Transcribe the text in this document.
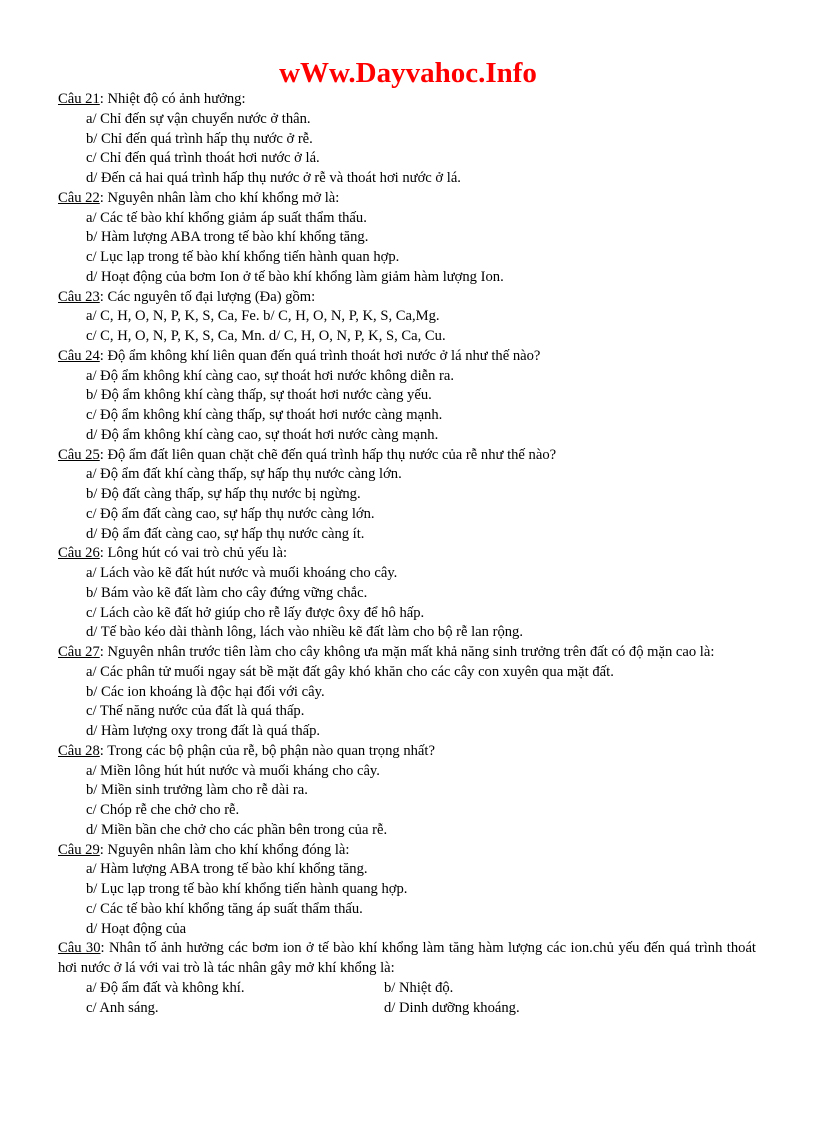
wWw.Dayvahoc.Info

Câu 21: Nhiệt độ có ảnh hưởng:

a/ Chỉ đến sự vận chuyển nước ở thân.

b/ Chỉ đến quá trình hấp thụ nước ở rễ.

c/ Chỉ đến quá trình thoát hơi nước ở lá.

d/ Đến cả hai quá trình hấp thụ nước ở rễ và thoát hơi nước ở lá.

Câu 22: Nguyên nhân làm cho khí khổng mở là:

a/ Các tế bào khí khổng giảm áp suất thẩm thấu.

b/ Hàm lượng ABA trong tế bào khí khổng tăng.

c/ Lục lạp trong tế bào khí khổng tiến hành quan hợp.

d/ Hoạt động của bơm Ion ở tế bào khí khổng làm giảm hàm lượng Ion.

Câu 23: Các nguyên tố đại lượng (Đa) gồm:

a/ C, H, O, N, P, K, S, Ca, Fe. b/ C, H, O, N, P, K, S, Ca,Mg.

c/ C, H, O, N, P, K, S, Ca, Mn. d/ C, H, O, N, P, K, S, Ca, Cu.

Câu 24: Độ ẩm không khí liên quan đến quá trình thoát hơi nước ở lá như thế nào?

a/ Độ ẩm không khí càng cao, sự thoát hơi nước không diễn ra.

b/ Độ ẩm không khí càng thấp, sự thoát hơi nước càng yếu.

c/ Độ ẩm không khí càng thấp, sự thoát hơi nước càng mạnh.

d/ Độ ẩm không khí càng cao, sự thoát hơi nước càng mạnh.

Câu 25: Độ ẩm đất liên quan chặt chẽ đến quá trình hấp thụ nước của rễ như thế nào?

a/ Độ ẩm đất khí càng thấp, sự hấp thụ nước càng lớn.

b/ Độ đất càng thấp, sự hấp thụ nước bị ngừng.

c/ Độ ẩm đất càng cao, sự hấp thụ nước càng lớn.

d/ Độ ẩm đất càng cao, sự hấp thụ nước càng ít.

Câu 26: Lông hút có vai trò chủ yếu là:

a/ Lách vào kẽ đất hút nước và muối khoáng cho cây.

b/ Bám vào kẽ đất làm cho cây đứng vững chắc.

c/ Lách cào kẽ đất hở giúp cho rễ lấy được ôxy để hô hấp.

d/ Tế bào kéo dài thành lông, lách vào nhiều kẽ đất làm cho bộ rễ lan rộng.

Câu 27: Nguyên nhân trước tiên làm cho cây không ưa mặn mất khả năng sinh trưởng trên đất có độ mặn cao là:

a/ Các phân tử muối ngay sát bề mặt đất gây khó khăn cho các cây con xuyên qua mặt đất.

b/ Các ion khoáng là độc hại đối với cây.

c/ Thế năng nước của đất là quá thấp.

d/ Hàm lượng oxy trong đất là quá thấp.

Câu 28: Trong các bộ phận của rễ, bộ phận nào quan trọng nhất?

a/ Miền lông hút hút nước và muối kháng cho cây.

b/ Miền sinh trưởng làm cho rễ dài ra.

c/ Chóp rễ che chở cho rễ.

d/ Miền bần che chở cho các phần bên trong của rễ.

Câu 29: Nguyên nhân làm cho khí khổng đóng là:

a/ Hàm lượng ABA trong tế bào khí khổng tăng.

b/ Lục lạp trong tế bào khí khổng tiến hành quang hợp.

c/ Các tế bào khí khổng tăng áp suất thẩm thấu.

d/ Hoạt động của

Câu 30: Nhân tố ảnh hưởng các bơm ion ở tế bào khí khổng làm tăng hàm lượng các ion.chủ yếu đến quá trình thoát hơi nước ở lá với vai trò là tác nhân gây mở khí khổng là:

a/ Độ ẩm đất và không khí.	b/ Nhiệt độ.
c/ Anh sáng.	d/ Dinh dưỡng khoáng.
